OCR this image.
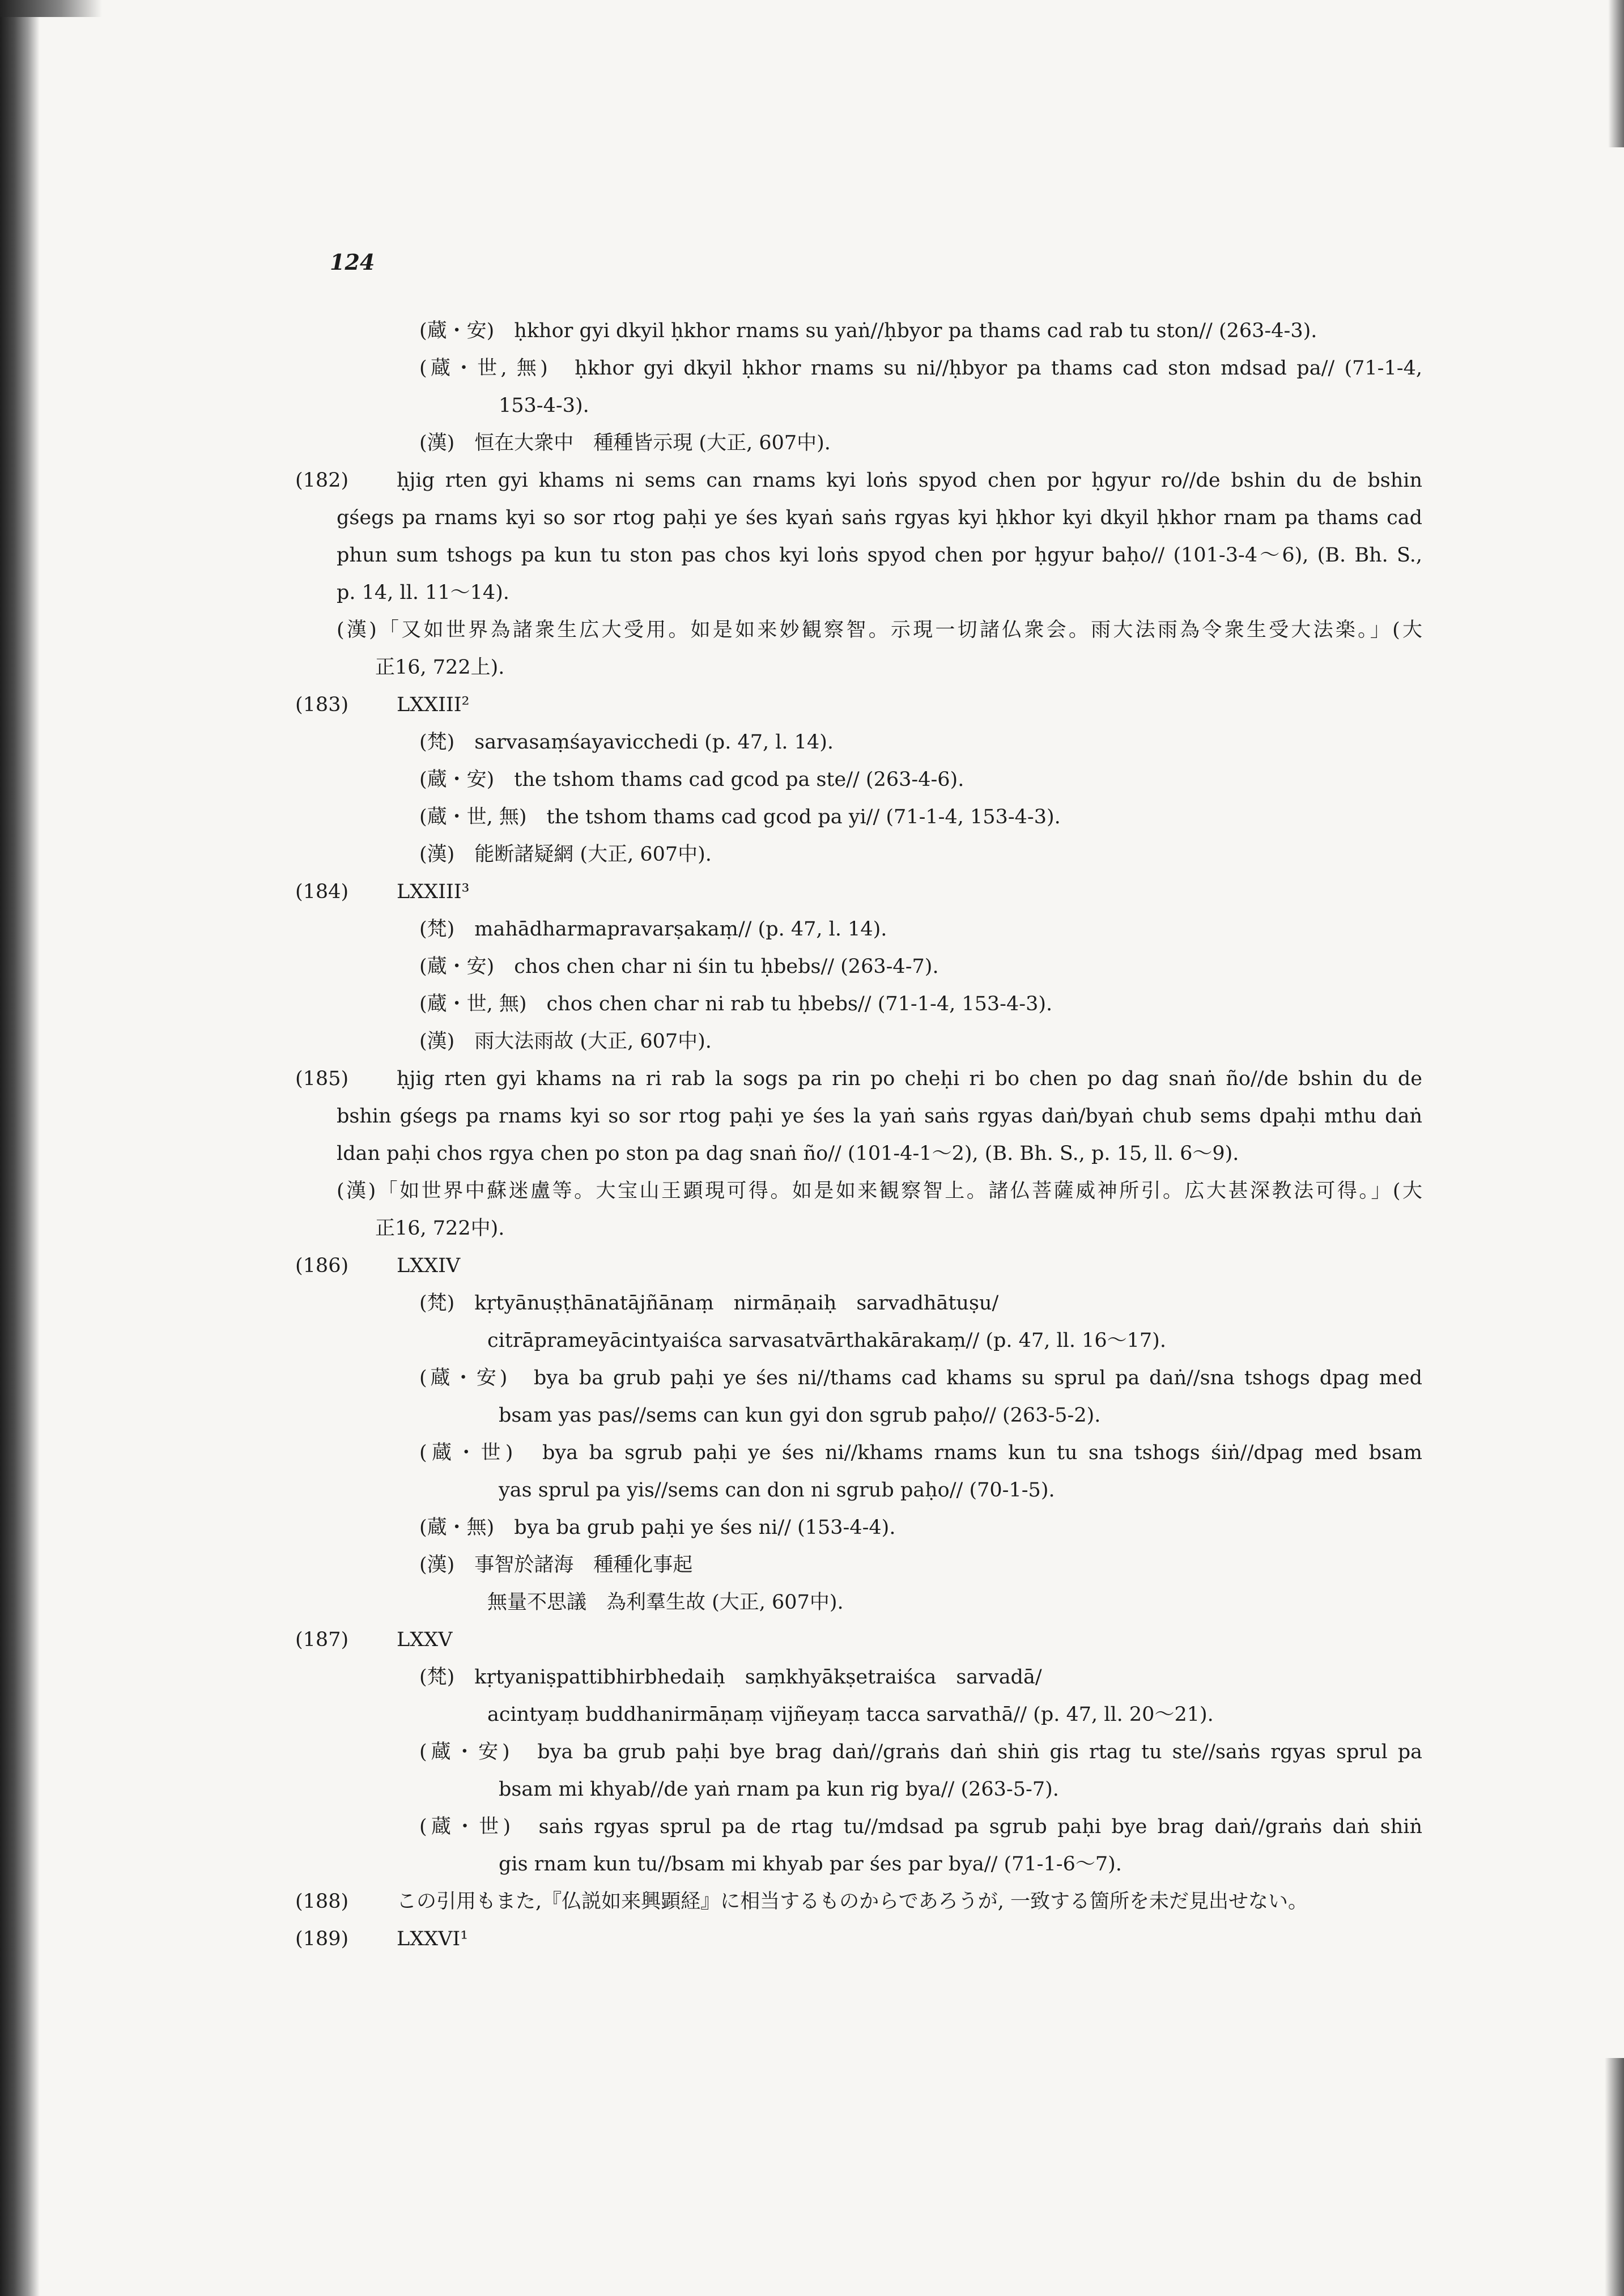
124
(蔵・安)　ḥkhor gyi dkyil ḥkhor rnams su yaṅ//ḥbyor pa thams cad rab tu ston// (263-4-3).
(蔵・世, 無)　ḥkhor gyi dkyil ḥkhor rnams su ni//ḥbyor pa thams cad ston mdsad pa// (71-1-4,
153-4-3).
(漢)　恒在大衆中　種種皆示現 (大正, 607中).
(182) ḥjig rten gyi khams ni sems can rnams kyi loṅs spyod chen por ḥgyur ro//de bshin du de bshin
gśegs pa rnams kyi so sor rtog paḥi ye śes kyaṅ saṅs rgyas kyi ḥkhor kyi dkyil ḥkhor rnam pa thams cad
phun sum tshogs pa kun tu ston pas chos kyi loṅs spyod chen por ḥgyur baḥo// (101-3-4〜6), (B. Bh. S.,
p. 14, ll. 11〜14).
(漢)「又如世界為諸衆生広大受用。如是如来妙観察智。示現一切諸仏衆会。雨大法雨為令衆生受大法楽。」(大
正16, 722上).
(183) LXXIII²
(梵)　sarvasaṃśayavicchedi (p. 47, l. 14).
(蔵・安)　the tshom thams cad gcod pa ste// (263-4-6).
(蔵・世, 無)　the tshom thams cad gcod pa yi// (71-1-4, 153-4-3).
(漢)　能断諸疑網 (大正, 607中).
(184) LXXIII³
(梵)　mahādharmapravarṣakaṃ// (p. 47, l. 14).
(蔵・安)　chos chen char ni śin tu ḥbebs// (263-4-7).
(蔵・世, 無)　chos chen char ni rab tu ḥbebs// (71-1-4, 153-4-3).
(漢)　雨大法雨故 (大正, 607中).
(185) ḥjig rten gyi khams na ri rab la sogs pa rin po cheḥi ri bo chen po dag snaṅ ño//de bshin du de
bshin gśegs pa rnams kyi so sor rtog paḥi ye śes la yaṅ saṅs rgyas daṅ/byaṅ chub sems dpaḥi mthu daṅ
ldan paḥi chos rgya chen po ston pa dag snaṅ ño// (101-4-1〜2), (B. Bh. S., p. 15, ll. 6〜9).
(漢)「如世界中蘇迷盧等。大宝山王顕現可得。如是如来観察智上。諸仏菩薩威神所引。広大甚深教法可得。」(大
正16, 722中).
(186) LXXIV
(梵)　kṛtyānuṣṭhānatājñānaṃ　nirmāṇaiḥ　sarvadhātuṣu/
citrāprameyācintyaiśca sarvasatvārthakārakaṃ// (p. 47, ll. 16〜17).
(蔵・安)　bya ba grub paḥi ye śes ni//thams cad khams su sprul pa daṅ//sna tshogs dpag med
bsam yas pas//sems can kun gyi don sgrub paḥo// (263-5-2).
(蔵・世)　bya ba sgrub paḥi ye śes ni//khams rnams kun tu sna tshogs śiṅ//dpag med bsam
yas sprul pa yis//sems can don ni sgrub paḥo// (70-1-5).
(蔵・無)　bya ba grub paḥi ye śes ni// (153-4-4).
(漢)　事智於諸海　種種化事起
無量不思議　為利羣生故 (大正, 607中).
(187) LXXV
(梵)　kṛtyaniṣpattibhirbhedaiḥ　saṃkhyākṣetraiśca　sarvadā/
acintyaṃ buddhanirmāṇaṃ vijñeyaṃ tacca sarvathā// (p. 47, ll. 20〜21).
(蔵・安)　bya ba grub paḥi bye brag daṅ//graṅs daṅ shiṅ gis rtag tu ste//saṅs rgyas sprul pa
bsam mi khyab//de yaṅ rnam pa kun rig bya// (263-5-7).
(蔵・世)　saṅs rgyas sprul pa de rtag tu//mdsad pa sgrub paḥi bye brag daṅ//graṅs daṅ shiṅ
gis rnam kun tu//bsam mi khyab par śes par bya// (71-1-6〜7).
(188) この引用もまた,『仏説如来興顕経』に相当するものからであろうが, 一致する箇所を未だ見出せない。
(189) LXXVI¹
